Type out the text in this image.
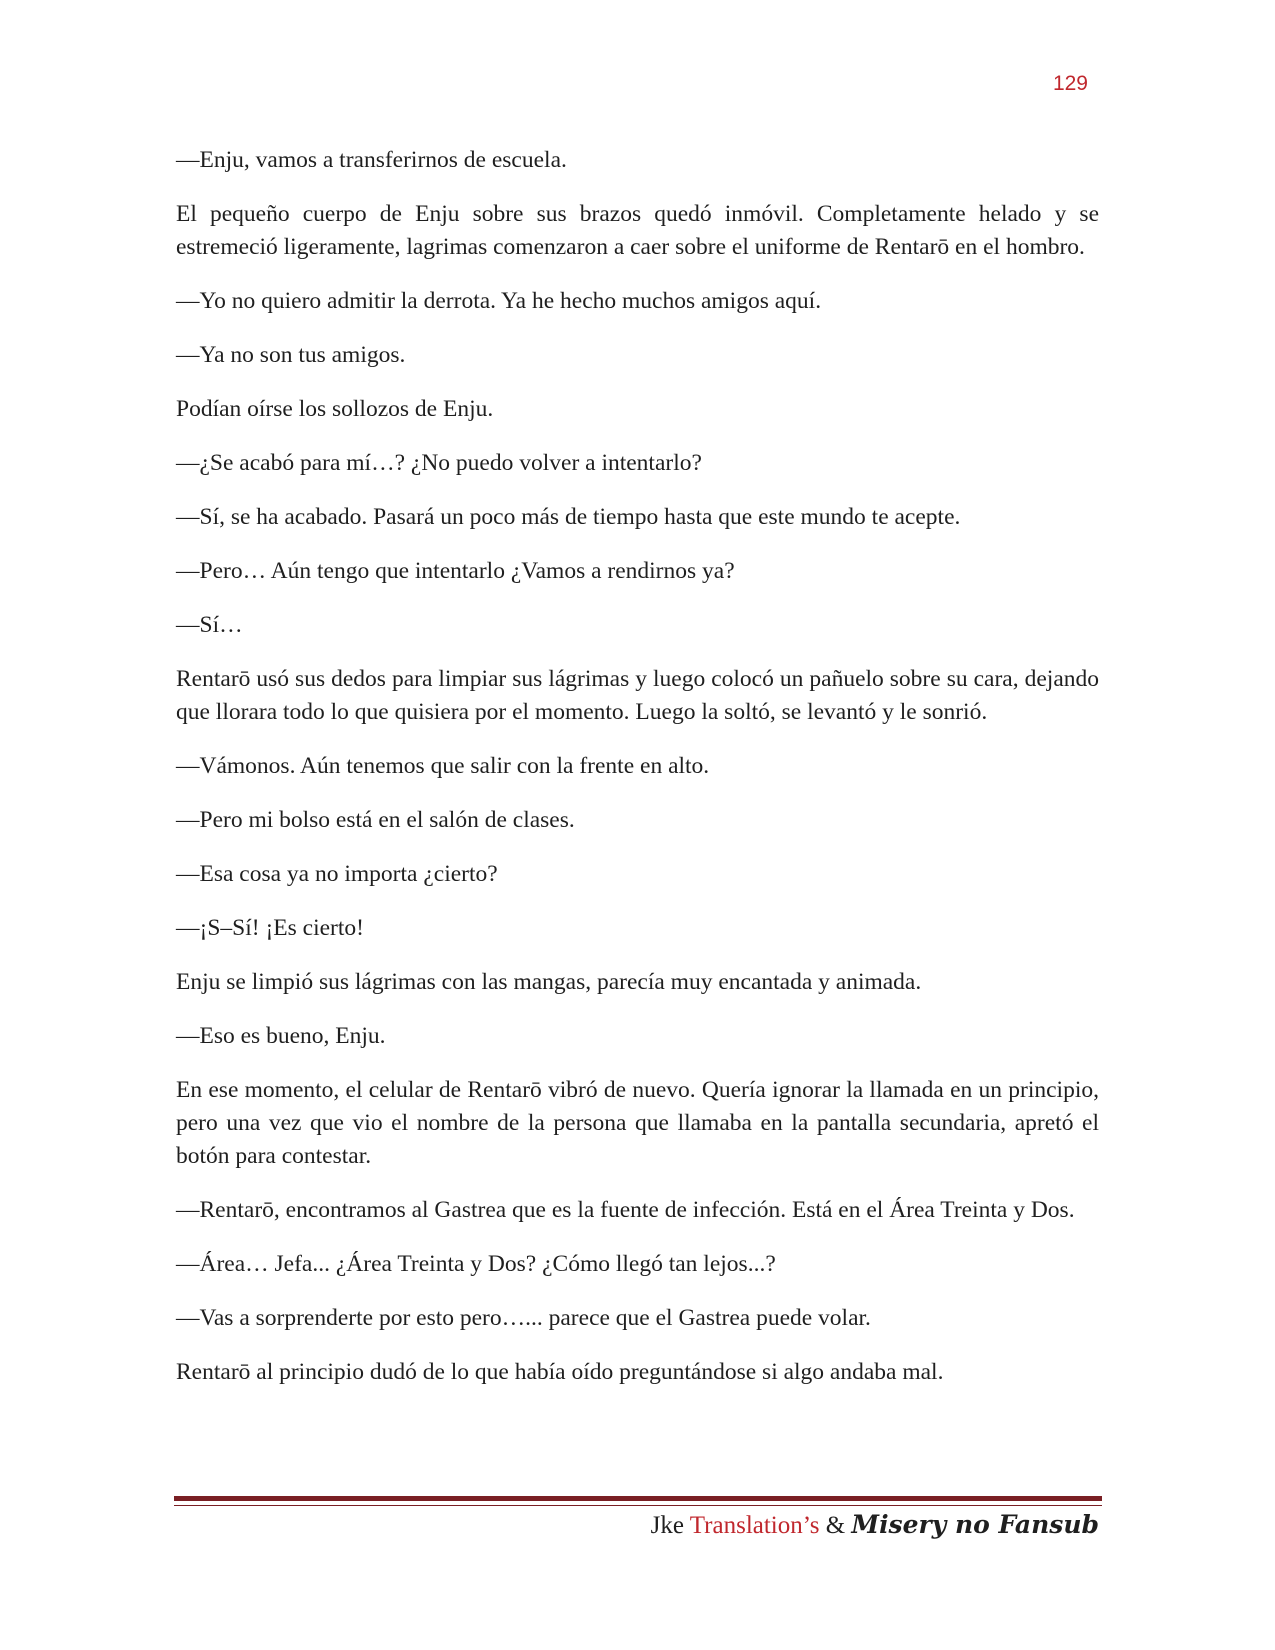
129

—Enju, vamos a transferirnos de escuela.

El pequeño cuerpo de Enju sobre sus brazos quedó inmóvil. Completamente helado y se estremeció ligeramente, lagrimas comenzaron a caer sobre el uniforme de Rentarō en el hombro.

—Yo no quiero admitir la derrota. Ya he hecho muchos amigos aquí.

—Ya no son tus amigos.

Podían oírse los sollozos de Enju.

—¿Se acabó para mí…? ¿No puedo volver a intentarlo?

—Sí, se ha acabado. Pasará un poco más de tiempo hasta que este mundo te acepte.

—Pero… Aún tengo que intentarlo ¿Vamos a rendirnos ya?

—Sí…

Rentarō usó sus dedos para limpiar sus lágrimas y luego colocó un pañuelo sobre su cara, dejando que llorara todo lo que quisiera por el momento. Luego la soltó, se levantó y le sonrió.

—Vámonos. Aún tenemos que salir con la frente en alto.

—Pero mi bolso está en el salón de clases.

—Esa cosa ya no importa ¿cierto?

—¡S–Sí! ¡Es cierto!

Enju se limpió sus lágrimas con las mangas, parecía muy encantada y animada.

—Eso es bueno, Enju.

En ese momento, el celular de Rentarō vibró de nuevo. Quería ignorar la llamada en un principio, pero una vez que vio el nombre de la persona que llamaba en la pantalla secundaria, apretó el botón para contestar.

—Rentarō, encontramos al Gastrea que es la fuente de infección. Está en el Área Treinta y Dos.

—Área… Jefa... ¿Área Treinta y Dos? ¿Cómo llegó tan lejos...?

—Vas a sorprenderte por esto pero…... parece que el Gastrea puede volar.

Rentarō al principio dudó de lo que había oído preguntándose si algo andaba mal.

Jke Translation’s & Misery no Fansub
